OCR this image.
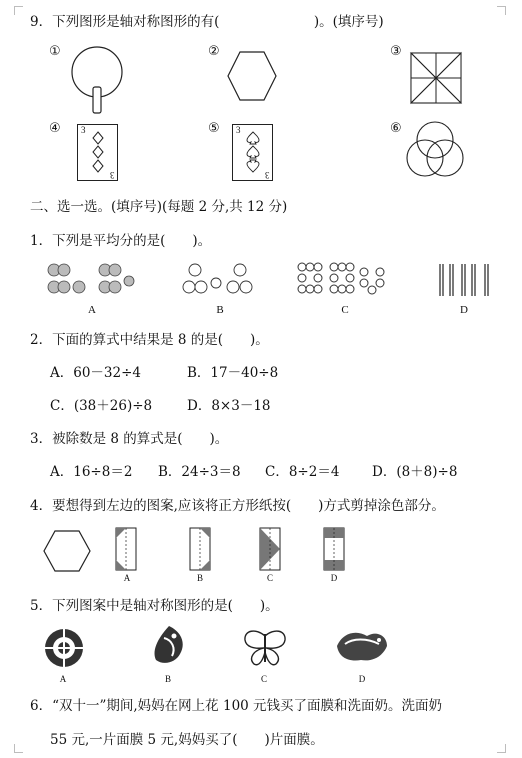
9．下列图形是轴对称图形的有(　　　　　　　)。(填序号)
①	②	③
④	⑤	⑥
3
3
3
3
二、选一选。(填序号)(每题 2 分,共 12 分)
1．下列是平均分的是(　　)。
A	B	C	D
2．下面的算式中结果是 8 的是(　　)。
A．60－32÷4	B．17－40÷8
C．(38＋26)÷8	D．8×3－18
3．被除数是 8 的算式是(　　)。
A．16÷8＝2 B．24÷3＝8 C．8÷2＝4 D．(8＋8)÷8
4．要想得到左边的图案,应该将正方形纸按(　　)方式剪掉涂色部分。
A	B	C	D
5．下列图案中是轴对称图形的是(　　)。
A	B	C	D
6．“双十一”期间,妈妈在网上花 100 元钱买了面膜和洗面奶。洗面奶
55 元,一片面膜 5 元,妈妈买了(　　)片面膜。
